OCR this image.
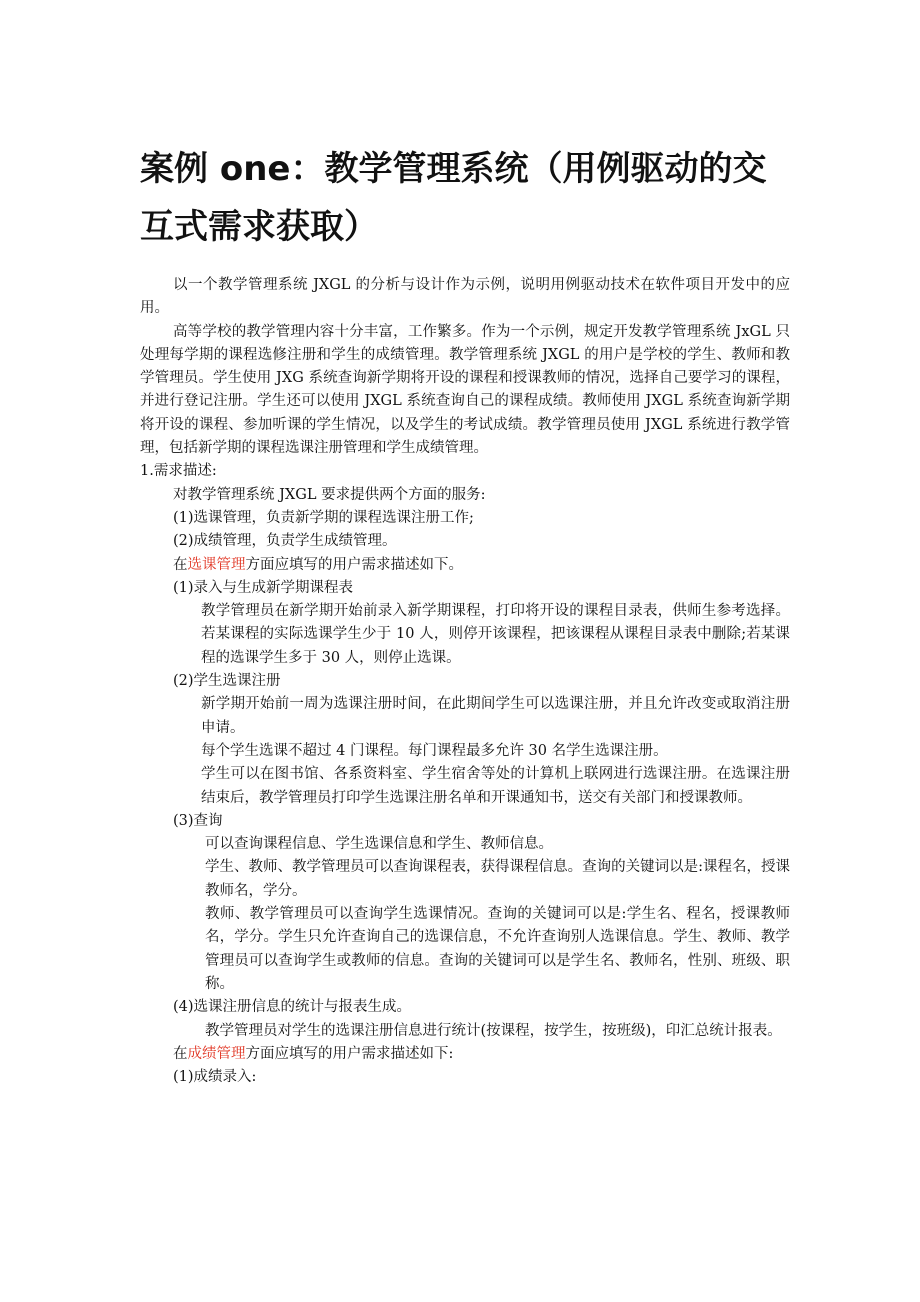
案例 one：教学管理系统（用例驱动的交互式需求获取）

以一个教学管理系统 JXGL 的分析与设计作为示例，说明用例驱动技术在软件项目开发中的应用。

高等学校的教学管理内容十分丰富，工作繁多。作为一个示例，规定开发教学管理系统 JxGL 只处理每学期的课程选修注册和学生的成绩管理。教学管理系统 JXGL 的用户是学校的学生、教师和教学管理员。学生使用 JXG 系统查询新学期将开设的课程和授课教师的情况，选择自己要学习的课程，并进行登记注册。学生还可以使用 JXGL 系统查询自己的课程成绩。教师使用 JXGL 系统查询新学期将开设的课程、参加听课的学生情况，以及学生的考试成绩。教学管理员使用 JXGL 系统进行教学管理，包括新学期的课程选课注册管理和学生成绩管理。

1.需求描述:

对教学管理系统 JXGL 要求提供两个方面的服务:

(1)选课管理，负责新学期的课程选课注册工作;

(2)成绩管理，负责学生成绩管理。

在选课管理方面应填写的用户需求描述如下。

(1)录入与生成新学期课程表

教学管理员在新学期开始前录入新学期课程，打印将开设的课程目录表，供师生参考选择。若某课程的实际选课学生少于 10 人，则停开该课程，把该课程从课程目录表中删除;若某课程的选课学生多于 30 人，则停止选课。

(2)学生选课注册

新学期开始前一周为选课注册时间，在此期间学生可以选课注册，并且允许改变或取消注册申请。

每个学生选课不超过 4 门课程。每门课程最多允许 30 名学生选课注册。

学生可以在图书馆、各系资料室、学生宿舍等处的计算机上联网进行选课注册。在选课注册结束后，教学管理员打印学生选课注册名单和开课通知书，送交有关部门和授课教师。

(3)查询

可以查询课程信息、学生选课信息和学生、教师信息。

学生、教师、教学管理员可以查询课程表，获得课程信息。查询的关键词以是:课程名，授课教师名，学分。

教师、教学管理员可以查询学生选课情况。查询的关键词可以是:学生名、程名，授课教师名，学分。学生只允许查询自己的选课信息，不允许查询别人选课信息。学生、教师、教学管理员可以查询学生或教师的信息。查询的关键词可以是学生名、教师名，性别、班级、职称。

(4)选课注册信息的统计与报表生成。

教学管理员对学生的选课注册信息进行统计(按课程，按学生，按班级)，印汇总统计报表。

在成绩管理方面应填写的用户需求描述如下:

(1)成绩录入:
